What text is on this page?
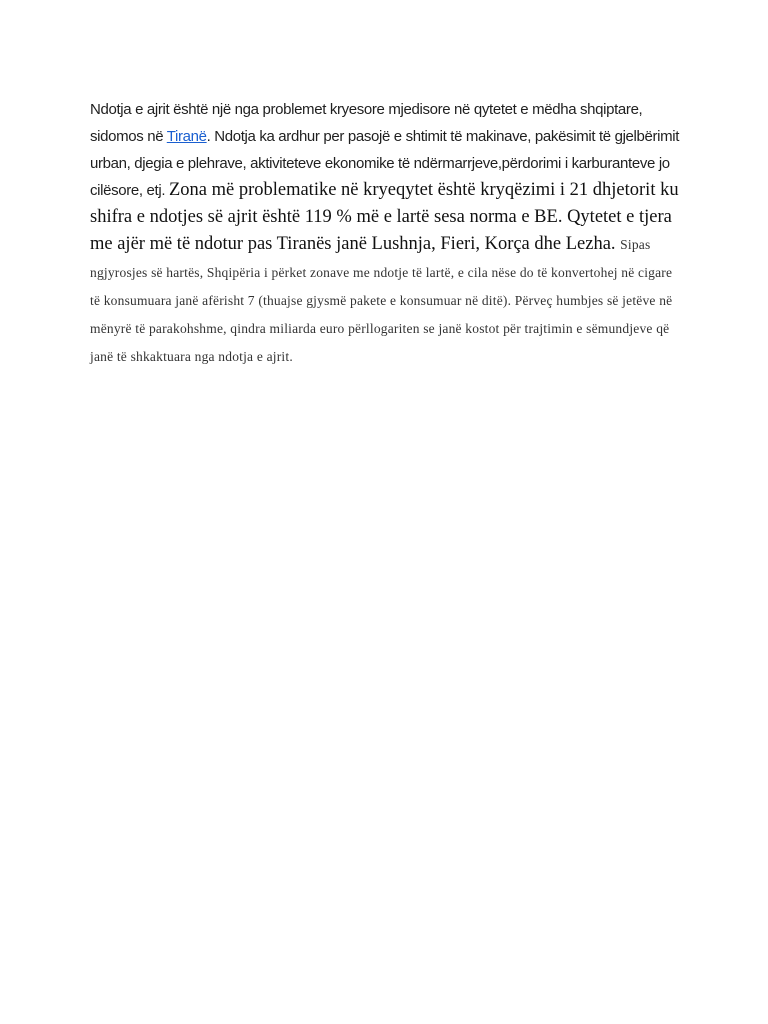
Ndotja e ajrit është një nga problemet kryesore mjedisore në qytetet e mëdha shqiptare, sidomos në Tiranë. Ndotja ka ardhur per pasojë e shtimit të makinave, pakësimit të gjelbërimit urban, djegia e plehrave, aktiviteteve ekonomike të ndërmarrjeve,përdorimi i karburanteve jo cilësore, etj. Zona më problematike në kryeqytet është kryqëzimi i 21 dhjetorit ku shifra e ndotjes së ajrit është 119 % më e lartë sesa norma e BE. Qytetet e tjera me ajër më të ndotur pas Tiranës janë Lushnja, Fieri, Korça dhe Lezha. Sipas ngjyrosjes së hartës, Shqipëria i përket zonave me ndotje të lartë, e cila nëse do të konvertohej në cigare të konsumuara janë afërisht 7 (thuajse gjysmë pakete e konsumuar në ditë). Përveç humbjes së jetëve në mënyrë të parakohshme, qindra miliarda euro përllogariten se janë kostot për trajtimin e sëmundjeve që janë të shkaktuara nga ndotja e ajrit.
